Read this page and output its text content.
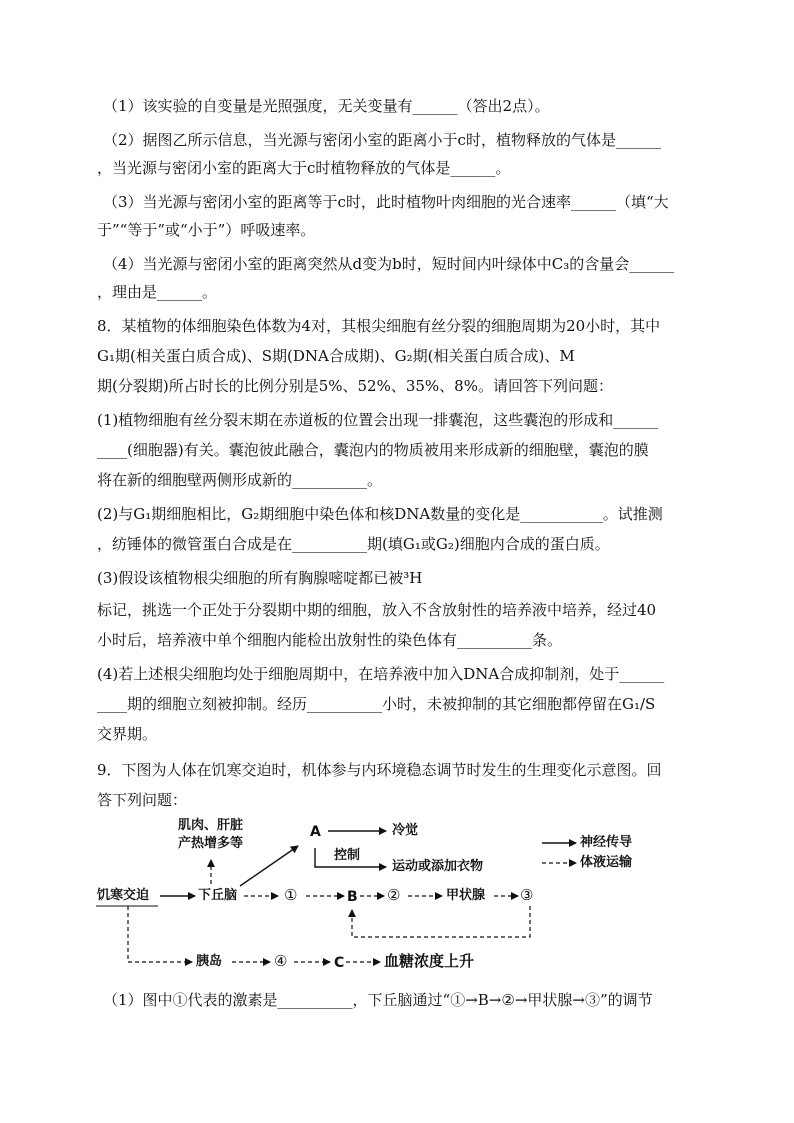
（1）该实验的自变量是光照强度，无关变量有______（答出2点）。
（2）据图乙所示信息，当光源与密闭小室的距离小于c时，植物释放的气体是______
，当光源与密闭小室的距离大于c时植物释放的气体是______。
（3）当光源与密闭小室的距离等于c时，此时植物叶肉细胞的光合速率______（填“大
于”“等于”或“小于”）呼吸速率。
（4）当光源与密闭小室的距离突然从d变为b时，短时间内叶绿体中C₃的含量会______
，理由是______。
8．某植物的体细胞染色体数为4对，其根尖细胞有丝分裂的细胞周期为20小时，其中
G₁期(相关蛋白质合成)、S期(DNA合成期)、G₂期(相关蛋白质合成)、M
期(分裂期)所占时长的比例分别是5%、52%、35%、8%。请回答下列问题：
(1)植物细胞有丝分裂末期在赤道板的位置会出现一排囊泡，这些囊泡的形成和______
____(细胞器)有关。囊泡彼此融合，囊泡内的物质被用来形成新的细胞壁，囊泡的膜
将在新的细胞壁两侧形成新的__________。
(2)与G₁期细胞相比，G₂期细胞中染色体和核DNA数量的变化是___________。试推测
，纺锤体的微管蛋白合成是在__________期(填G₁或G₂)细胞内合成的蛋白质。
(3)假设该植物根尖细胞的所有胸腺嘧啶都已被³H
标记，挑选一个正处于分裂期中期的细胞，放入不含放射性的培养液中培养，经过40
小时后，培养液中单个细胞内能检出放射性的染色体有__________条。
(4)若上述根尖细胞均处于细胞周期中，在培养液中加入DNA合成抑制剂，处于______
____期的细胞立刻被抑制。经历__________小时，未被抑制的其它细胞都停留在G₁/S
交界期。
9．下图为人体在饥寒交迫时，机体参与内环境稳态调节时发生的生理变化示意图。回
答下列问题：
肌肉、肝脏
产热增多等
A	冷觉
控制
运动或添加衣物
饥寒交迫	下丘脑	①	B ②	甲状腺 ③
胰岛	④	C	血糖浓度上升
神经传导
体液运输
（1）图中①代表的激素是__________，下丘脑通过“①→B→②→甲状腺→③”的调节
